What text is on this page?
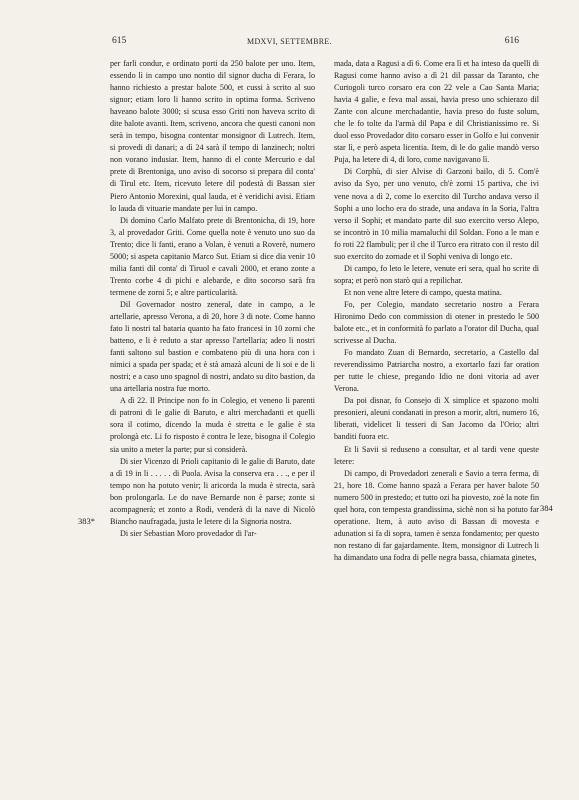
615	MDXVI, SETTEMBRE.	616

per farli condur, e ordinato porti da 250 balote per uno. Item, essendo lì in campo uno nontio dil signor ducha di Ferara, lo hanno richiesto a prestar balote 500, et cussi à scrito al suo signor; etiam loro li hanno scrito in optima forma. Scriveno haveano balote 3000; si scusa esso Griti non haveva scrito di dite balote avanti. Item, scriveno, ancora che questi canoni non serà in tempo, bisogna contentar monsignor di Lutrech. Item, si provedi di danari; a dì 24 sarà il tempo di lanzinech; noltri non vorano indusiar. Item, hanno di el conte Mercurio e dal prete di Brentoniga, uno aviso di socorso si prepara dil conta' di Tirul etc. Item, ricevuto letere dil podestà di Bassan sier Piero Antonio Morexini, qual lauda, et è veridichi avisi. Etiam lo lauda di vituarie mandate per lui in campo.

Di domino Carlo Malfato prete di Brentonicha, di 19, hore 3, al provedador Griti. Come quella note è venuto uno suo da Trento; dice li fanti, erano a Volan, è venuti a Roverè, numero 5000; si aspeta capitanio Marco Sut. Etiam si dice dia venir 10 milia fanti dil conta' di Tiruol e cavali 2000, et erano zonte a Trento corbe 4 di pichi e alebarde, e dito socorso sarà fra termene de zorni 5; e altre particularità.

Dil Governador nostro zeneral, date in campo, a le artellarie, apresso Verona, a dì 20, hore 3 di note. Come hanno fato li nostri tal bataria quanto ha fato francesi in 10 zorni che batteno, e li è reduto a star apresso l'artellaria; adeo li nostri fanti saltono sul bastion e combateno più di una hora con i nimici a spada per spada; et è stà amazà alcuni de li soi e de li nostri; e a caso uno spagnol di nostri, andato su dito bastion, da una artellaria nostra fue morto.

A dì 22. Il Principe non fo in Colegio, et veneno li parenti di patroni di le galie di Baruto, e altri merchadanti et quelli sora il cotimo, dicendo la muda è stretta e le galie è sta prolongà etc. Li fo risposto è contra le leze, bisogna il Colegio sia unito a meter la parte; pur si considerà.

Di sier Vicenzo di Prioli capitanio di le galie di Baruto, date a dì 19 in li . . . . . di Puola. Avisa la conserva era . . ., e per il tempo non ha potuto venir; li aricorda la muda è strecta, sarà bon prolongarla. Le do nave Bernarde non è parse; zonte si acompagnerà; et zonto a Rodi, venderà di la nave di Nicolò Biancho naufragada, justa le letere di la Signoria nostra.

Di sier Sebastian Moro provedador di l'ar-

mada, data a Ragusi a dì 6. Come era lì et ha inteso da quelli di Ragusi come hanno aviso a dì 21 dil passar da Taranto, che Curtogoli turco corsaro era con 22 vele a Cao Santa Maria; havia 4 galie, e feva mal assai, havia preso uno schierazo dil Zante con alcune merchadantie, havia preso do fuste solum, che le fo tolte da l'armà dil Papa e dil Christianissimo re. Si duol esso Provedador dito corsaro esser in Golfo e lui convenir star lì, e però aspeta licentia. Item, di le do galie mandò verso Puja, ha letere di 4, di loro, come navigavano lì.

Di Corphù, di sier Alvise di Garzoni bailo, di 5. Com'è aviso da Syo, per uno venuto, ch'è zorni 15 partiva, che ivi vene nova a dì 2, come lo exercito dil Turcho andava verso il Sophi a uno locho era do strade, una andava in la Soria, l'altra verso il Sophi; et mandato parte dil suo exercito verso Alepo, se incontrò in 10 milia mamaluchi dil Soldan. Fono a le man e fo roti 22 flambuli; per il che il Turco era ritrato con il resto dil suo exercito do zornade et il Sophi veniva di longo etc.

Di campo, fo leto le letere, venute eri sera, qual ho scrite di sopra; et però non starò qui a repilichar.

Et non vene altre letere di campo, questa matina.

Fo, per Colegio, mandato secretario nostro a Ferara Hironimo Dedo con commission di otener in prestedo le 500 balote etc., et in conformità fo parlato a l'orator dil Ducha, qual scrivesse al Ducha.

Fo mandato Zuan di Bernardo, secretario, a Castello dal reverendissimo Patriarcha nostro, a exortarlo fazi far oration per tutte le chiese, pregando Idio ne doni vitoria ad aver Verona.

Da poi disnar, fo Consejo di X simplice et spazono molti presonieri, aleuni condanati in preson a morir, altri, numero 16, liberati, videlicet li tesseri di San Jacomo da l'Orio; altri banditi fuora etc.

Et li Savii si reduseno a consultar, et al tardi vene queste letere:

Di campo, di Provedadori zenerali e Savio a terra ferma, di 21, hore 18. Come hanno spazà a Ferara per haver balote 50 numero 500 in prestedo; et tutto ozi ha piovesto, zoè la note fin quel hora, con tempesta grandissima, sichè non si ha potuto far operatione. Item, à auto aviso di Bassan di movesta e adunation si fa di sopra, tamen è senza fondamento; per questo non restano di far gajardamente. Item, monsignor di Lutrech li ha dimandato una fodra di pelle negra bassa, chiamata ginetes,

383*
384
